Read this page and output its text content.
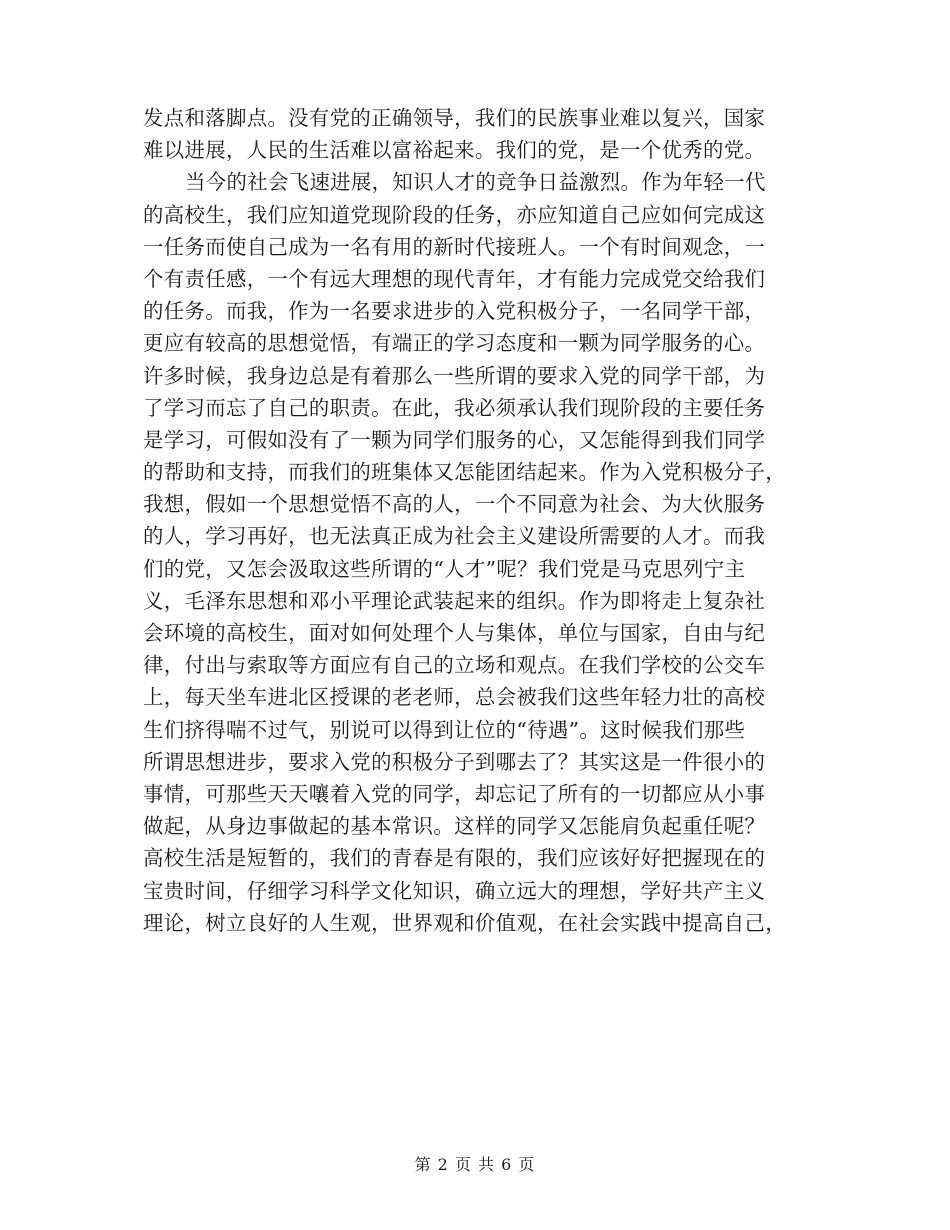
发点和落脚点。没有党的正确领导，我们的民族事业难以复兴，国家
难以进展，人民的生活难以富裕起来。我们的党，是一个优秀的党。
当今的社会飞速进展，知识人才的竞争日益激烈。作为年轻一代
的高校生，我们应知道党现阶段的任务，亦应知道自己应如何完成这
一任务而使自己成为一名有用的新时代接班人。一个有时间观念，一
个有责任感，一个有远大理想的现代青年，才有能力完成党交给我们
的任务。而我，作为一名要求进步的入党积极分子，一名同学干部，
更应有较高的思想觉悟，有端正的学习态度和一颗为同学服务的心。
许多时候，我身边总是有着那么一些所谓的要求入党的同学干部，为
了学习而忘了自己的职责。在此，我必须承认我们现阶段的主要任务
是学习，可假如没有了一颗为同学们服务的心，又怎能得到我们同学
的帮助和支持，而我们的班集体又怎能团结起来。作为入党积极分子，
我想，假如一个思想觉悟不高的人，一个不同意为社会、为大伙服务
的人，学习再好，也无法真正成为社会主义建设所需要的人才。而我
们的党，又怎会汲取这些所谓的“人才”呢？我们党是马克思列宁主
义，毛泽东思想和邓小平理论武装起来的组织。作为即将走上复杂社
会环境的高校生，面对如何处理个人与集体，单位与国家，自由与纪
律，付出与索取等方面应有自己的立场和观点。在我们学校的公交车
上，每天坐车进北区授课的老老师，总会被我们这些年轻力壮的高校
生们挤得喘不过气，别说可以得到让位的“待遇”。这时候我们那些
所谓思想进步，要求入党的积极分子到哪去了？其实这是一件很小的
事情，可那些天天嚷着入党的同学，却忘记了所有的一切都应从小事
做起，从身边事做起的基本常识。这样的同学又怎能肩负起重任呢？
高校生活是短暂的，我们的青春是有限的，我们应该好好把握现在的
宝贵时间，仔细学习科学文化知识，确立远大的理想，学好共产主义
理论，树立良好的人生观，世界观和价值观，在社会实践中提高自己，
第 2 页 共 6 页
